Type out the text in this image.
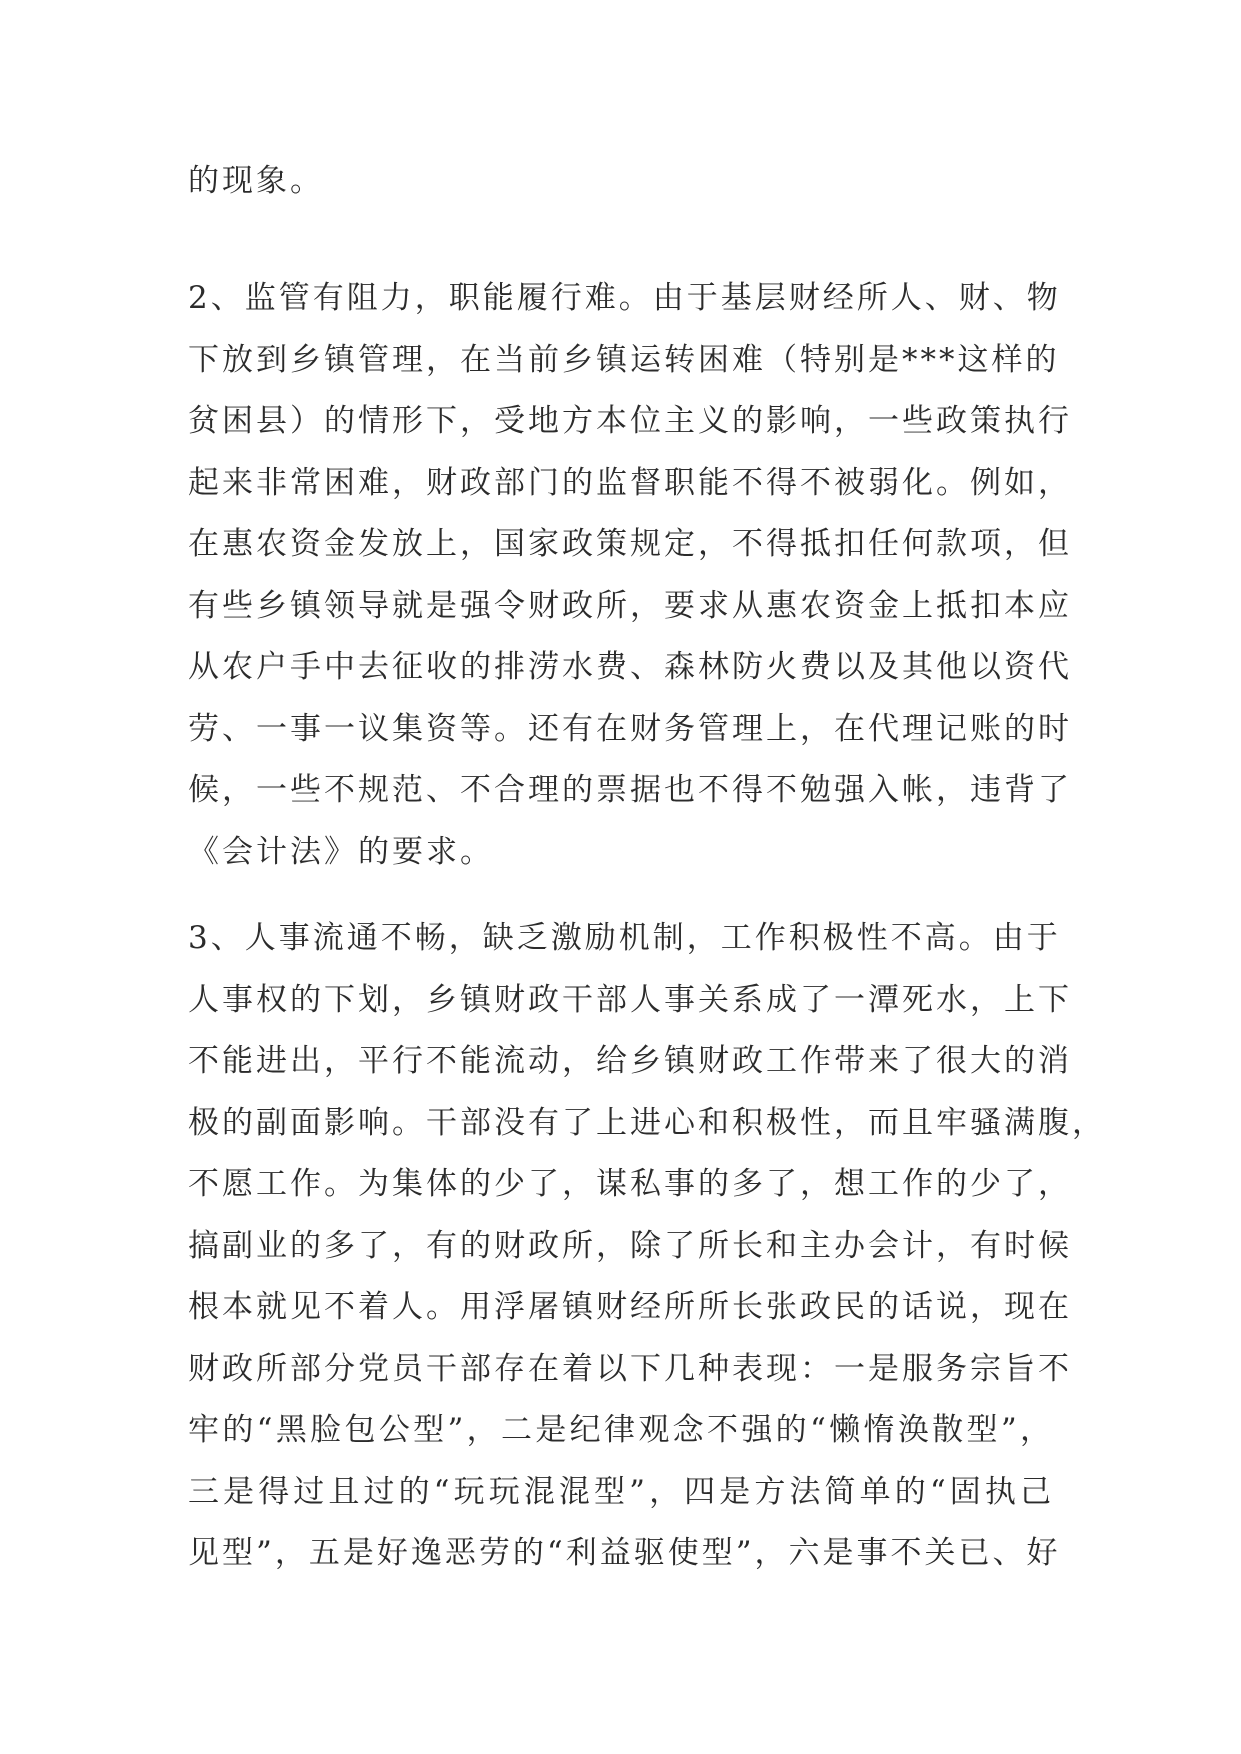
的现象。
2、监管有阻力，职能履行难。由于基层财经所人、财、物
下放到乡镇管理，在当前乡镇运转困难（特别是***这样的
贫困县）的情形下，受地方本位主义的影响，一些政策执行
起来非常困难，财政部门的监督职能不得不被弱化。例如，
在惠农资金发放上，国家政策规定，不得抵扣任何款项，但
有些乡镇领导就是强令财政所，要求从惠农资金上抵扣本应
从农户手中去征收的排涝水费、森林防火费以及其他以资代
劳、一事一议集资等。还有在财务管理上，在代理记账的时
候，一些不规范、不合理的票据也不得不勉强入帐，违背了
《会计法》的要求。
3、人事流通不畅，缺乏激励机制，工作积极性不高。由于
人事权的下划，乡镇财政干部人事关系成了一潭死水，上下
不能进出，平行不能流动，给乡镇财政工作带来了很大的消
极的副面影响。干部没有了上进心和积极性，而且牢骚满腹，
不愿工作。为集体的少了，谋私事的多了，想工作的少了，
搞副业的多了，有的财政所，除了所长和主办会计，有时候
根本就见不着人。用浮屠镇财经所所长张政民的话说，现在
财政所部分党员干部存在着以下几种表现：一是服务宗旨不
牢的“黑脸包公型”，二是纪律观念不强的“懒惰涣散型”，
三是得过且过的“玩玩混混型”，四是方法简单的“固执己
见型”，五是好逸恶劳的“利益驱使型”，六是事不关已、好
